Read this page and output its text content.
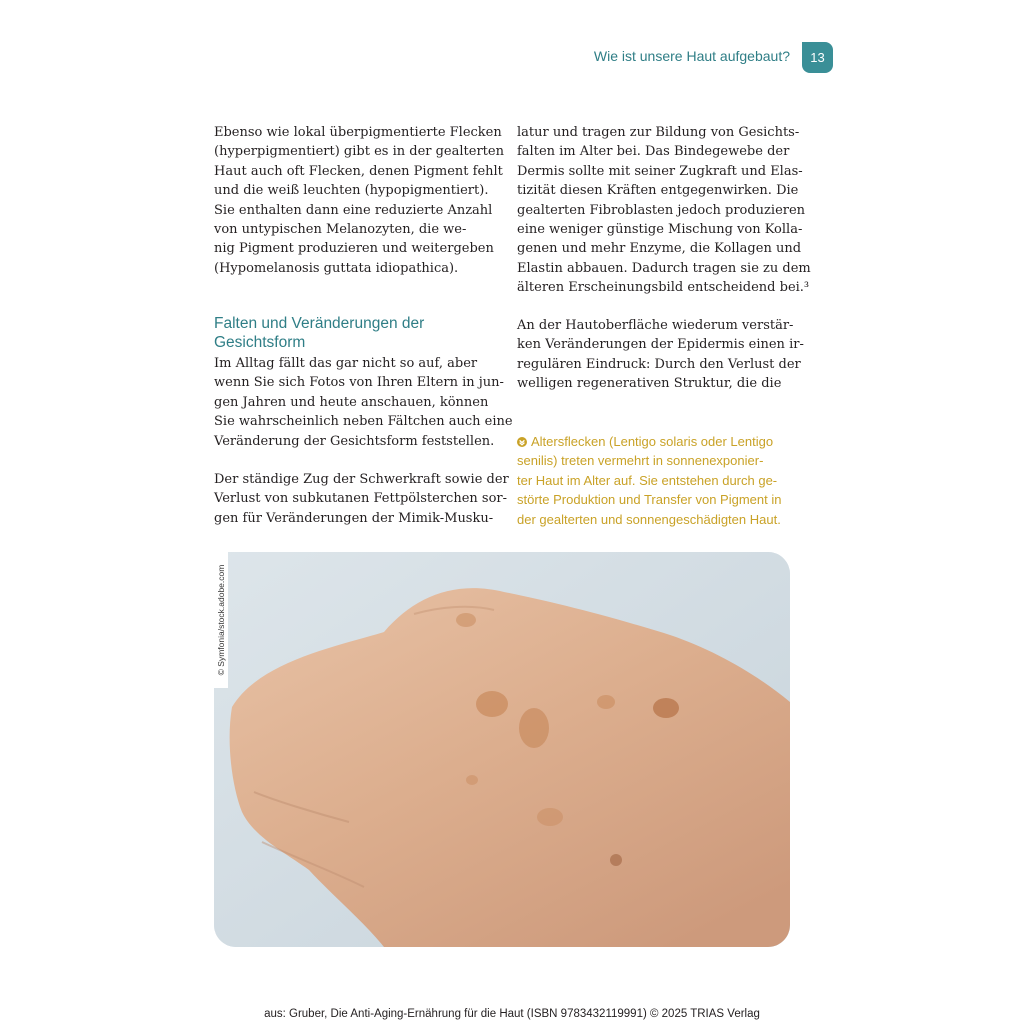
Wie ist unsere Haut aufgebaut?	13
Ebenso wie lokal überpigmentierte Flecken
(hyperpigmentiert) gibt es in der gealterten
Haut auch oft Flecken, denen Pigment fehlt
und die weiß leuchten (hypopigmentiert).
Sie enthalten dann eine reduzierte Anzahl
von untypischen Melanozyten, die we-
nig Pigment produzieren und weitergeben
(Hypomelanosis guttata idiopathica).
Falten und Veränderungen der
Gesichtsform
Im Alltag fällt das gar nicht so auf, aber
wenn Sie sich Fotos von Ihren Eltern in jun-
gen Jahren und heute anschauen, können
Sie wahrscheinlich neben Fältchen auch eine
Veränderung der Gesichtsform feststellen.
Der ständige Zug der Schwerkraft sowie der
Verlust von subkutanen Fettpölsterchen sor-
gen für Veränderungen der Mimik-Musku-
latur und tragen zur Bildung von Gesichts-
falten im Alter bei. Das Bindegewebe der
Dermis sollte mit seiner Zugkraft und Elas-
tizität diesen Kräften entgegenwirken. Die
gealterten Fibroblasten jedoch produzieren
eine weniger günstige Mischung von Kolla-
genen und mehr Enzyme, die Kollagen und
Elastin abbauen. Dadurch tragen sie zu dem
älteren Erscheinungsbild entscheidend bei.³
An der Hautoberfläche wiederum verstär-
ken Veränderungen der Epidermis einen ir-
regulären Eindruck: Durch den Verlust der
welligen regenerativen Struktur, die die
Altersflecken (Lentigo solaris oder Lentigo
senilis) treten vermehrt in sonnenexponier-
ter Haut im Alter auf. Sie entstehen durch ge-
störte Produktion und Transfer von Pigment in
der gealterten und sonnengeschädigten Haut.
© Symfonia/stock.adobe.com
aus: Gruber, Die Anti-Aging-Ernährung für die Haut (ISBN 9783432119991) © 2025 TRIAS Verlag
